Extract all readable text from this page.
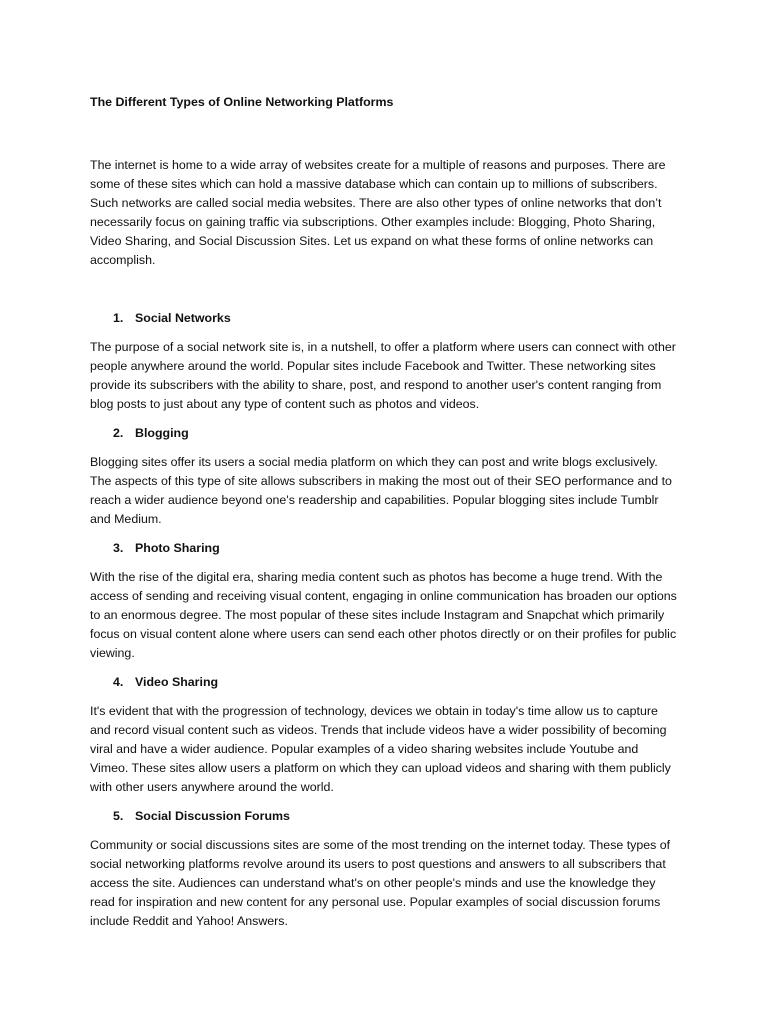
The Different Types of Online Networking Platforms

The internet is home to a wide array of websites create for a multiple of reasons and purposes. There are some of these sites which can hold a massive database which can contain up to millions of subscribers. Such networks are called social media websites. There are also other types of online networks that don’t necessarily focus on gaining traffic via subscriptions. Other examples include: Blogging, Photo Sharing, Video Sharing, and Social Discussion Sites. Let us expand on what these forms of online networks can accomplish.

1. Social Networks

The purpose of a social network site is, in a nutshell, to offer a platform where users can connect with other people anywhere around the world. Popular sites include Facebook and Twitter. These networking sites provide its subscribers with the ability to share, post, and respond to another user's content ranging from blog posts to just about any type of content such as photos and videos.

2. Blogging

Blogging sites offer its users a social media platform on which they can post and write blogs exclusively. The aspects of this type of site allows subscribers in making the most out of their SEO performance and to reach a wider audience beyond one's readership and capabilities. Popular blogging sites include Tumblr and Medium.

3. Photo Sharing

With the rise of the digital era, sharing media content such as photos has become a huge trend. With the access of sending and receiving visual content, engaging in online communication has broaden our options to an enormous degree. The most popular of these sites include Instagram and Snapchat which primarily focus on visual content alone where users can send each other photos directly or on their profiles for public viewing.

4. Video Sharing

It's evident that with the progression of technology, devices we obtain in today's time allow us to capture and record visual content such as videos. Trends that include videos have a wider possibility of becoming viral and have a wider audience. Popular examples of a video sharing websites include Youtube and Vimeo. These sites allow users a platform on which they can upload videos and sharing with them publicly with other users anywhere around the world.

5. Social Discussion Forums

Community or social discussions sites are some of the most trending on the internet today. These types of social networking platforms revolve around its users to post questions and answers to all subscribers that access the site. Audiences can understand what's on other people's minds and use the knowledge they read for inspiration and new content for any personal use. Popular examples of social discussion forums include Reddit and Yahoo! Answers.
